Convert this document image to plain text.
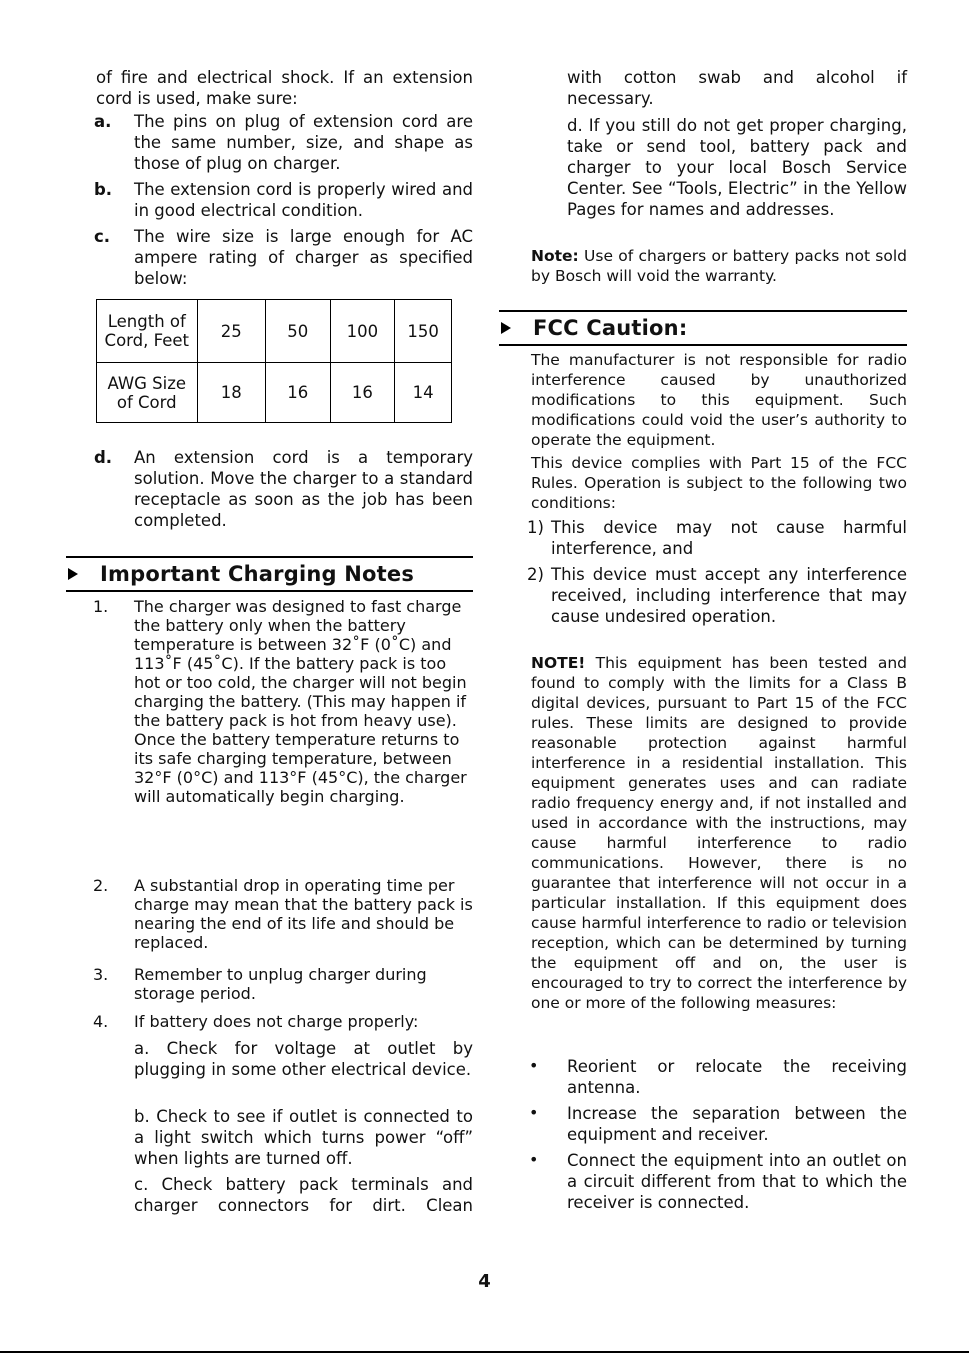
of fire and electrical shock. If an extension cord is used, make sure:

a. The pins on plug of extension cord are the same number, size, and shape as those of plug on charger.
b. The extension cord is properly wired and in good electrical condition.
c. The wire size is large enough for AC ampere rating of charger as specified below:
Length of Cord, Feet	25	50	100	150
AWG Size of Cord	18	16	16	14
d. An extension cord is a temporary solution. Move the charger to a standard receptacle as soon as the job has been completed.
Important Charging Notes
1. The charger was designed to fast charge the battery only when the battery temperature is between 32˚F (0˚C) and 113˚F (45˚C). If the battery pack is too hot or too cold, the charger will not begin charging the battery. (This may happen if the battery pack is hot from heavy use). Once the battery temperature returns to its safe charging temperature, between 32°F (0°C) and 113°F (45°C), the charger will automatically begin charging.
2. A substantial drop in operating time per charge may mean that the battery pack is nearing the end of its life and should be replaced.
3. Remember to unplug charger during storage period.
4. If battery does not charge properly:

a. Check for voltage at outlet by plugging in some other electrical device.

b. Check to see if outlet is connected to a light switch which turns power “off” when lights are turned off.

c. Check battery pack terminals and charger connectors for dirt. Clean

with cotton swab and alcohol if necessary.

d. If you still do not get proper charging, take or send tool, battery pack and charger to your local Bosch Service Center. See “Tools, Electric” in the Yellow Pages for names and addresses.

Note: Use of chargers or battery packs not sold by Bosch will void the warranty.

FCC Caution:

The manufacturer is not responsible for radio interference caused by unauthorized modifications to this equipment. Such modifications could void the user’s authority to operate the equipment.

This device complies with Part 15 of the FCC Rules. Operation is subject to the following two conditions:

1) This device may not cause harmful interference, and

2) This device must accept any interference received, including interference that may cause undesired operation.

NOTE! This equipment has been tested and found to comply with the limits for a Class B digital devices, pursuant to Part 15 of the FCC rules. These limits are designed to provide reasonable protection against harmful interference in a residential installation. This equipment generates uses and can radiate radio frequency energy and, if not installed and used in accordance with the instructions, may cause harmful interference to radio communications. However, there is no guarantee that interference will not occur in a particular installation. If this equipment does cause harmful interference to radio or television reception, which can be determined by turning the equipment off and on, the user is encouraged to try to correct the interference by one or more of the following measures:

• Reorient or relocate the receiving antenna.

• Increase the separation between the equipment and receiver.

• Connect the equipment into an outlet on a circuit different from that to which the receiver is connected.

4
